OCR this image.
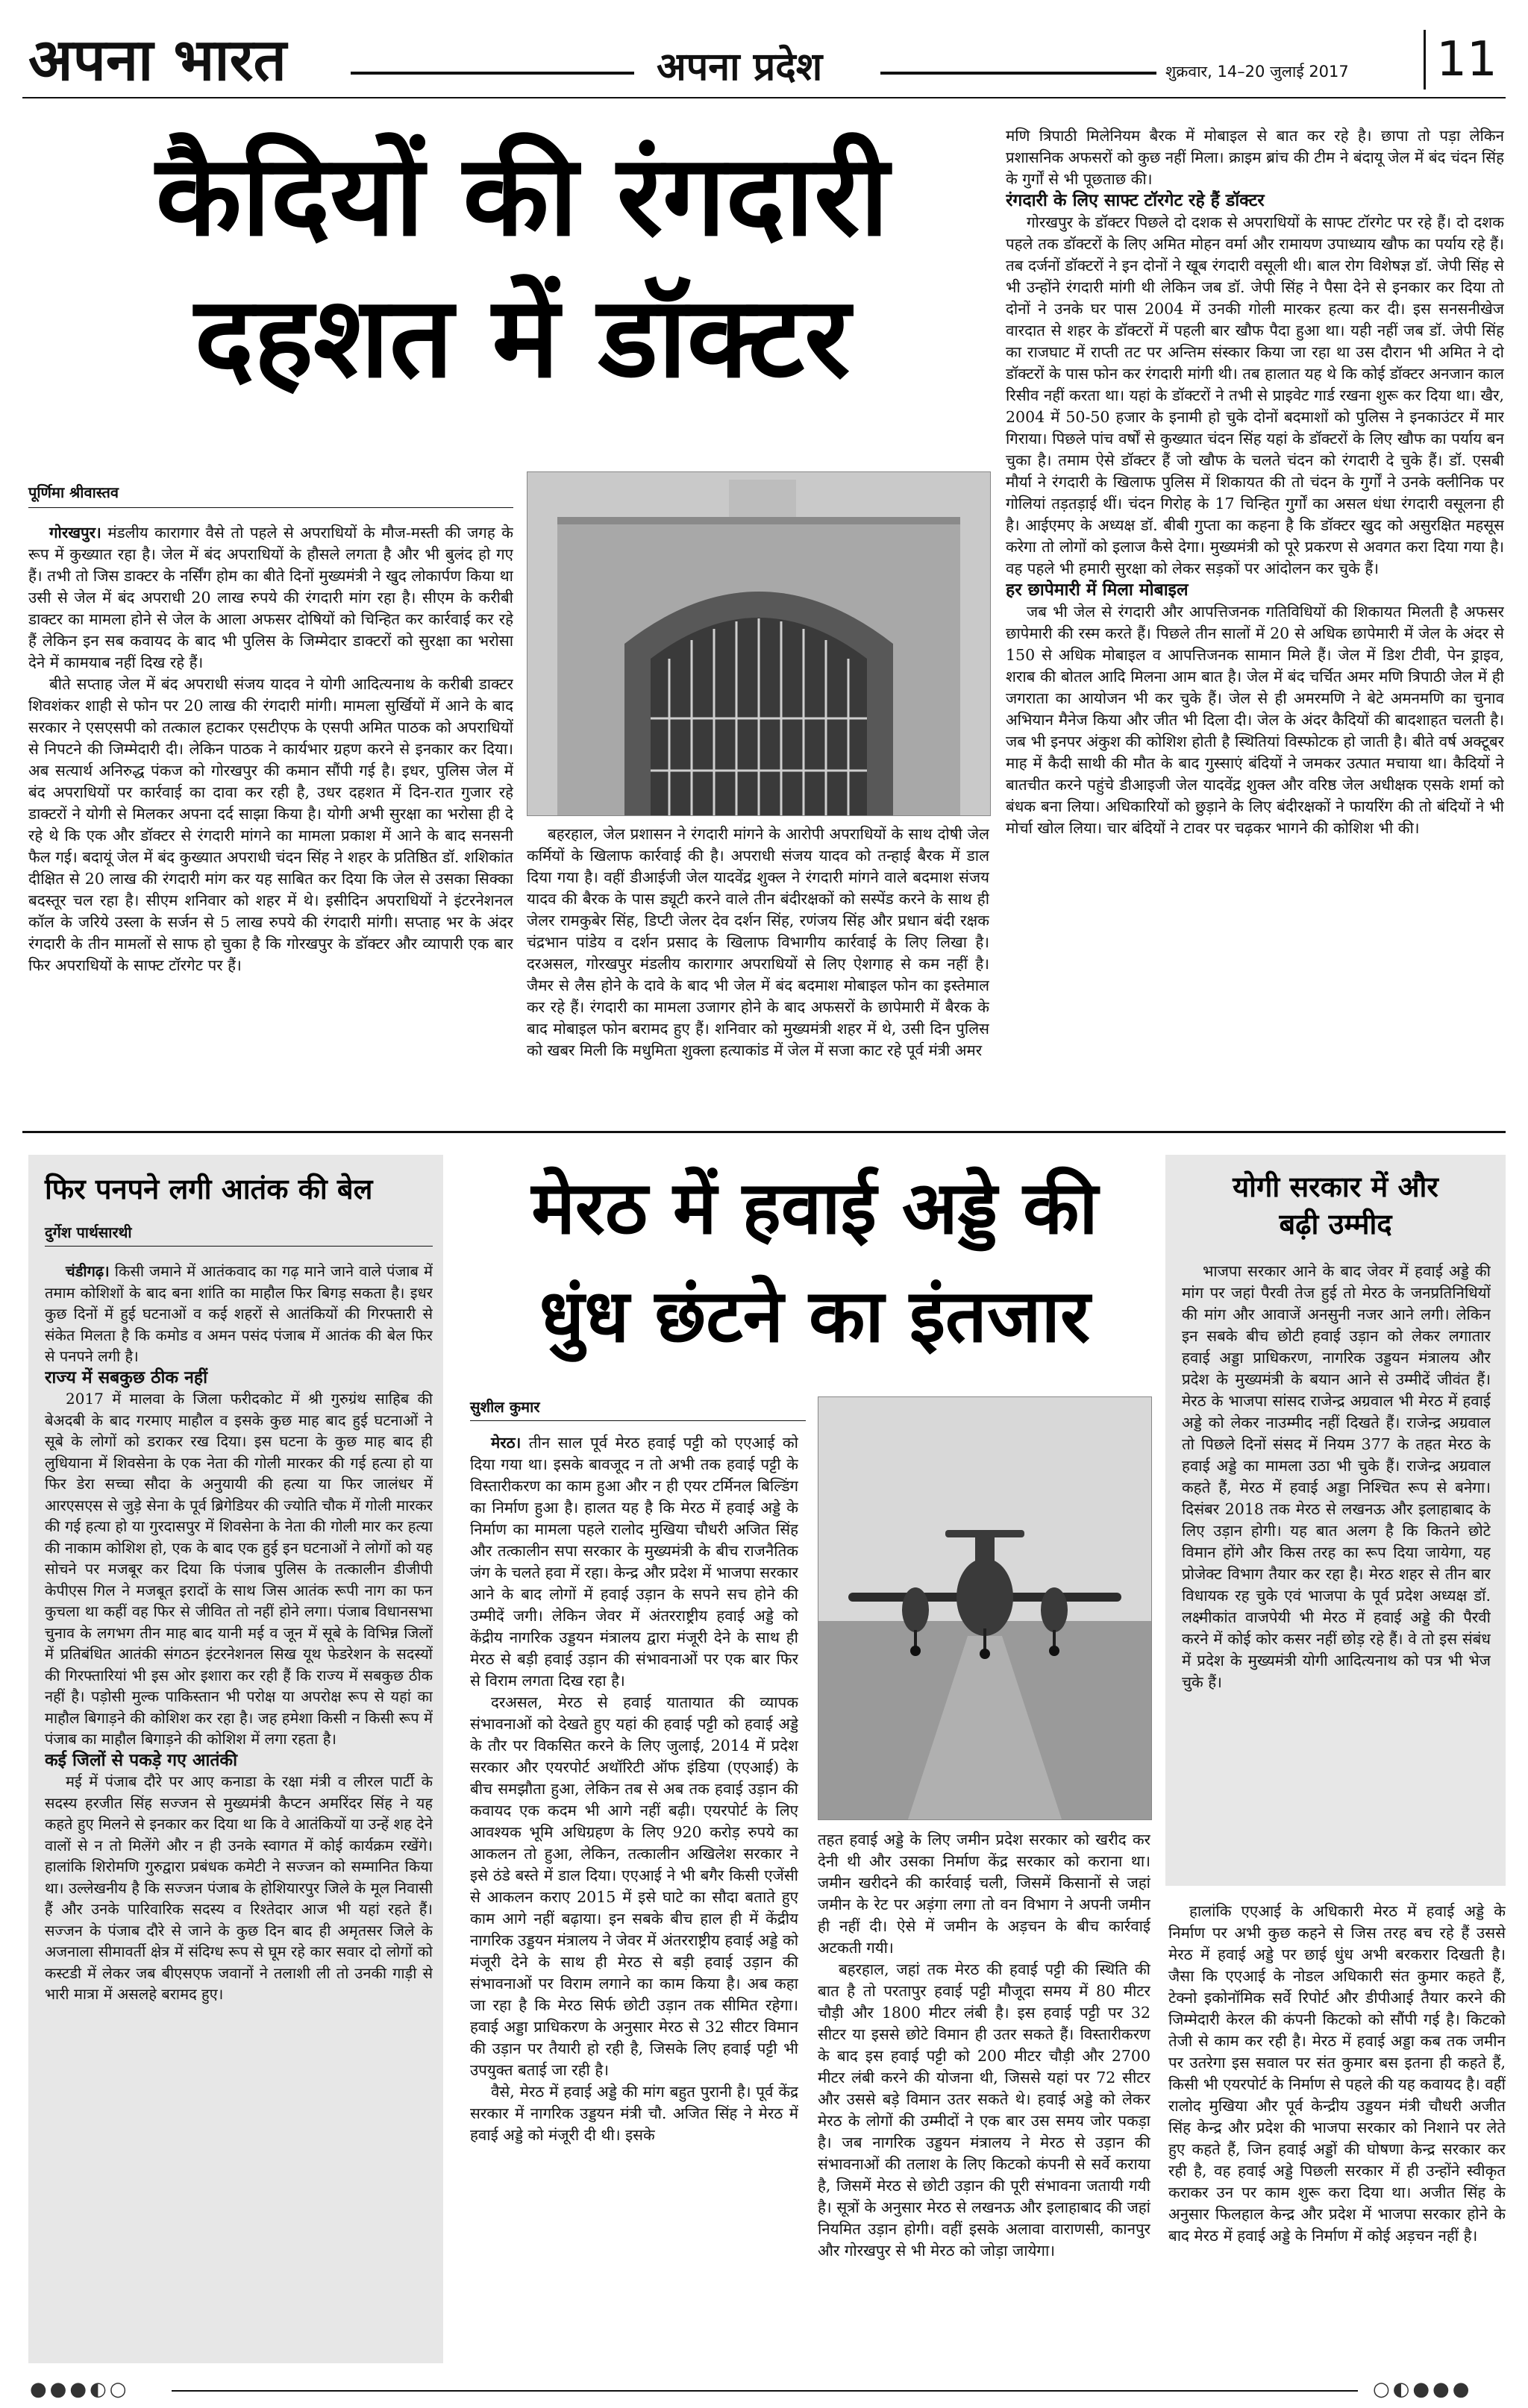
अपना भारत	अपना प्रदेश	शुक्रवार, 14–20 जुलाई 2017 11
कैदियों की रंगदारी
दहशत में डॉक्टर
पूर्णिमा श्रीवास्तव

गोरखपुर। मंडलीय कारागार वैसे तो पहले से अपराधियों के मौज-मस्ती की जगह के रूप में कुख्यात रहा है। जेल में बंद अपराधियों के हौसले लगता है और भी बुलंद हो गए हैं। तभी तो जिस डाक्टर के नर्सिंग होम का बीते दिनों मुख्यमंत्री ने खुद लोकार्पण किया था उसी से जेल में बंद अपराधी 20 लाख रुपये की रंगदारी मांग रहा है। सीएम के करीबी डाक्टर का मामला होने से जेल के आला अफसर दोषियों को चिन्हित कर कार्रवाई कर रहे हैं लेकिन इन सब कवायद के बाद भी पुलिस के जिम्मेदार डाक्टरों को सुरक्षा का भरोसा देने में कामयाब नहीं दिख रहे हैं।

बीते सप्ताह जेल में बंद अपराधी संजय यादव ने योगी आदित्यनाथ के करीबी डाक्टर शिवशंकर शाही से फोन पर 20 लाख की रंगदारी मांगी। मामला सुर्खियों में आने के बाद सरकार ने एसएसपी को तत्काल हटाकर एसटीएफ के एसपी अमित पाठक को अपराधियों से निपटने की जिम्मेदारी दी। लेकिन पाठक ने कार्यभार ग्रहण करने से इनकार कर दिया। अब सत्यार्थ अनिरुद्ध पंकज को गोरखपुर की कमान सौंपी गई है। इधर, पुलिस जेल में बंद अपराधियों पर कार्रवाई का दावा कर रही है, उधर दहशत में दिन-रात गुजार रहे डाक्टरों ने योगी से मिलकर अपना दर्द साझा किया है। योगी अभी सुरक्षा का भरोसा ही दे रहे थे कि एक और डॉक्टर से रंगदारी मांगने का मामला प्रकाश में आने के बाद सनसनी फैल गई। बदायूं जेल में बंद कुख्यात अपराधी चंदन सिंह ने शहर के प्रतिष्ठित डॉ. शशिकांत दीक्षित से 20 लाख की रंगदारी मांग कर यह साबित कर दिया कि जेल से उसका सिक्का बदस्तूर चल रहा है। सीएम शनिवार को शहर में थे। इसीदिन अपराधियों ने इंटरनेशनल कॉल के जरिये उस्ला के सर्जन से 5 लाख रुपये की रंगदारी मांगी। सप्ताह भर के अंदर रंगदारी के तीन मामलों से साफ हो चुका है कि गोरखपुर के डॉक्टर और व्यापारी एक बार फिर अपराधियों के साफ्ट टॉरगेट पर हैं।

बहरहाल, जेल प्रशासन ने रंगदारी मांगने के आरोपी अपराधियों के साथ दोषी जेल कर्मियों के खिलाफ कार्रवाई की है। अपराधी संजय यादव को तन्हाई बैरक में डाल दिया गया है। वहीं डीआईजी जेल यादवेंद्र शुक्ल ने रंगदारी मांगने वाले बदमाश संजय यादव की बैरक के पास ड्यूटी करने वाले तीन बंदीरक्षकों को सस्पेंड करने के साथ ही जेलर रामकुबेर सिंह, डिप्टी जेलर देव दर्शन सिंह, रणंजय सिंह और प्रधान बंदी रक्षक चंद्रभान पांडेय व दर्शन प्रसाद के खिलाफ विभागीय कार्रवाई के लिए लिखा है। दरअसल, गोरखपुर मंडलीय कारागार अपराधियों से लिए ऐशगाह से कम नहीं है। जैमर से लैस होने के दावे के बाद भी जेल में बंद बदमाश मोबाइल फोन का इस्तेमाल कर रहे हैं। रंगदारी का मामला उजागर होने के बाद अफसरों के छापेमारी में बैरक के बाद मोबाइल फोन बरामद हुए हैं। शनिवार को मुख्यमंत्री शहर में थे, उसी दिन पुलिस को खबर मिली कि मधुमिता शुक्ला हत्याकांड में जेल में सजा काट रहे पूर्व मंत्री अमर

मणि त्रिपाठी मिलेनियम बैरक में मोबाइल से बात कर रहे है। छापा तो पड़ा लेकिन प्रशासनिक अफसरों को कुछ नहीं मिला। क्राइम ब्रांच की टीम ने बंदायू जेल में बंद चंदन सिंह के गुर्गों से भी पूछताछ की।

रंगदारी के लिए साफ्ट टॉरगेट रहे हैं डॉक्टर

गोरखपुर के डॉक्टर पिछले दो दशक से अपराधियों के साफ्ट टॉरगेट पर रहे हैं। दो दशक पहले तक डॉक्टरों के लिए अमित मोहन वर्मा और रामायण उपाध्याय खौफ का पर्याय रहे हैं। तब दर्जनों डॉक्टरों ने इन दोनों ने खूब रंगदारी वसूली थी। बाल रोग विशेषज्ञ डॉ. जेपी सिंह से भी उन्होंने रंगदारी मांगी थी लेकिन जब डॉ. जेपी सिंह ने पैसा देने से इनकार कर दिया तो दोनों ने उनके घर पास 2004 में उनकी गोली मारकर हत्या कर दी। इस सनसनीखेज वारदात से शहर के डॉक्टरों में पहली बार खौफ पैदा हुआ था। यही नहीं जब डॉ. जेपी सिंह का राजघाट में राप्ती तट पर अन्तिम संस्कार किया जा रहा था उस दौरान भी अमित ने दो डॉक्टरों के पास फोन कर रंगदारी मांगी थी। तब हालात यह थे कि कोई डॉक्टर अनजान काल रिसीव नहीं करता था। यहां के डॉक्टरों ने तभी से प्राइवेट गार्ड रखना शुरू कर दिया था। खैर, 2004 में 50-50 हजार के इनामी हो चुके दोनों बदमाशों को पुलिस ने इनकाउंटर में मार गिराया। पिछले पांच वर्षों से कुख्यात चंदन सिंह यहां के डॉक्टरों के लिए खौफ का पर्याय बन चुका है। तमाम ऐसे डॉक्टर हैं जो खौफ के चलते चंदन को रंगदारी दे चुके हैं। डॉ. एसबी मौर्या ने रंगदारी के खिलाफ पुलिस में शिकायत की तो चंदन के गुर्गों ने उनके क्लीनिक पर गोलियां तड़तड़ाई थीं। चंदन गिरोह के 17 चिन्हित गुर्गों का असल धंधा रंगदारी वसूलना ही है। आईएमए के अध्यक्ष डॉ. बीबी गुप्ता का कहना है कि डॉक्टर खुद को असुरक्षित महसूस करेगा तो लोगों को इलाज कैसे देगा। मुख्यमंत्री को पूरे प्रकरण से अवगत करा दिया गया है। वह पहले भी हमारी सुरक्षा को लेकर सड़कों पर आंदोलन कर चुके हैं।

हर छापेमारी में मिला मोबाइल

जब भी जेल से रंगदारी और आपत्तिजनक गतिविधियों की शिकायत मिलती है अफसर छापेमारी की रस्म करते हैं। पिछले तीन सालों में 20 से अधिक छापेमारी में जेल के अंदर से 150 से अधिक मोबाइल व आपत्तिजनक सामान मिले हैं। जेल में डिश टीवी, पेन ड्राइव, शराब की बोतल आदि मिलना आम बात है। जेल में बंद चर्चित अमर मणि त्रिपाठी जेल में ही जगराता का आयोजन भी कर चुके हैं। जेल से ही अमरमणि ने बेटे अमनमणि का चुनाव अभियान मैनेज किया और जीत भी दिला दी। जेल के अंदर कैदियों की बादशाहत चलती है। जब भी इनपर अंकुश की कोशिश होती है स्थितियां विस्फोटक हो जाती है। बीते वर्ष अक्टूबर माह में कैदी साथी की मौत के बाद गुस्साएं बंदियों ने जमकर उत्पात मचाया था। कैदियों ने बातचीत करने पहुंचे डीआइजी जेल यादवेंद्र शुक्ल और वरिष्ठ जेल अधीक्षक एसके शर्मा को बंधक बना लिया। अधिकारियों को छुड़ाने के लिए बंदीरक्षकों ने फायरिंग की तो बंदियों ने भी मोर्चा खोल लिया। चार बंदियों ने टावर पर चढ़कर भागने की कोशिश भी की।

फिर पनपने लगी आतंक की बेल
दुर्गेश पार्थसारथी

चंडीगढ़। किसी जमाने में आतंकवाद का गढ़ माने जाने वाले पंजाब में तमाम कोशिशों के बाद बना शांति का माहौल फिर बिगड़ सकता है। इधर कुछ दिनों में हुई घटनाओं व कई शहरों से आतंकियों की गिरफ्तारी से संकेत मिलता है कि कमोड व अमन पसंद पंजाब में आतंक की बेल फिर से पनपने लगी है।

राज्य में सबकुछ ठीक नहीं

2017 में मालवा के जिला फरीदकोट में श्री गुरुग्रंथ साहिब की बेअदबी के बाद गरमाए माहौल व इसके कुछ माह बाद हुई घटनाओं ने सूबे के लोगों को डराकर रख दिया। इस घटना के कुछ माह बाद ही लुधियाना में शिवसेना के एक नेता की गोली मारकर की गई हत्या हो या फिर डेरा सच्चा सौदा के अनुयायी की हत्या या फिर जालंधर में आरएसएस से जुड़े सेना के पूर्व ब्रिगेडियर की ज्योति चौक में गोली मारकर की गई हत्या हो या गुरदासपुर में शिवसेना के नेता की गोली मार कर हत्या की नाकाम कोशिश हो, एक के बाद एक हुई इन घटनाओं ने लोगों को यह सोचने पर मजबूर कर दिया कि पंजाब पुलिस के तत्कालीन डीजीपी केपीएस गिल ने मजबूत इरादों के साथ जिस आतंक रूपी नाग का फन कुचला था कहीं वह फिर से जीवित तो नहीं होने लगा। पंजाब विधानसभा चुनाव के लगभग तीन माह बाद यानी मई व जून में सूबे के विभिन्न जिलों में प्रतिबंधित आतंकी संगठन इंटरनेशनल सिख यूथ फेडरेशन के सदस्यों की गिरफ्तारियां भी इस ओर इशारा कर रही हैं कि राज्य में सबकुछ ठीक नहीं है। पड़ोसी मुल्क पाकिस्तान भी परोक्ष या अपरोक्ष रूप से यहां का माहौल बिगाड़ने की कोशिश कर रहा है। जह हमेशा किसी न किसी रूप में पंजाब का माहौल बिगाड़ने की कोशिश में लगा रहता है।

कई जिलों से पकड़े गए आतंकी

मई में पंजाब दौरे पर आए कनाडा के रक्षा मंत्री व लीरल पार्टी के सदस्य हरजीत सिंह सज्जन से मुख्यमंत्री कैप्टन अमरिंदर सिंह ने यह कहते हुए मिलने से इनकार कर दिया था कि वे आतंकियों या उन्हें शह देने वालों से न तो मिलेंगे और न ही उनके स्वागत में कोई कार्यक्रम रखेंगे। हालांकि शिरोमणि गुरुद्वारा प्रबंधक कमेटी ने सज्जन को सम्मानित किया था। उल्लेखनीय है कि सज्जन पंजाब के होशियारपुर जिले के मूल निवासी हैं और उनके पारिवारिक सदस्य व रिश्तेदार आज भी यहां रहते हैं। सज्जन के पंजाब दौरे से जाने के कुछ दिन बाद ही अमृतसर जिले के अजनाला सीमावर्ती क्षेत्र में संदिग्ध रूप से घूम रहे कार सवार दो लोगों को कस्टडी में लेकर जब बीएसएफ जवानों ने तलाशी ली तो उनकी गाड़ी से भारी मात्रा में असलहे बरामद हुए।

मेरठ में हवाई अड्डे की
धुंध छंटने का इंतजार
सुशील कुमार

मेरठ। तीन साल पूर्व मेरठ हवाई पट्टी को एएआई को दिया गया था। इसके बावजूद न तो अभी तक हवाई पट्टी के विस्तारीकरण का काम हुआ और न ही एयर टर्मिनल बिल्डिंग का निर्माण हुआ है। हालत यह है कि मेरठ में हवाई अड्डे के निर्माण का मामला पहले रालोद मुखिया चौधरी अजित सिंह और तत्कालीन सपा सरकार के मुख्यमंत्री के बीच राजनैतिक जंग के चलते हवा में रहा। केन्द्र और प्रदेश में भाजपा सरकार आने के बाद लोगों में हवाई उड़ान के सपने सच होने की उम्मीदें जगी। लेकिन जेवर में अंतरराष्ट्रीय हवाई अड्डे को केंद्रीय नागरिक उड्डयन मंत्रालय द्वारा मंजूरी देने के साथ ही मेरठ से बड़ी हवाई उड़ान की संभावनाओं पर एक बार फिर से विराम लगता दिख रहा है।

दरअसल, मेरठ से हवाई यातायात की व्यापक संभावनाओं को देखते हुए यहां की हवाई पट्टी को हवाई अड्डे के तौर पर विकसित करने के लिए जुलाई, 2014 में प्रदेश सरकार और एयरपोर्ट अथॉरिटी ऑफ इंडिया (एएआई) के बीच समझौता हुआ, लेकिन तब से अब तक हवाई उड़ान की कवायद एक कदम भी आगे नहीं बढ़ी। एयरपोर्ट के लिए आवश्यक भूमि अधिग्रहण के लिए 920 करोड़ रुपये का आकलन तो हुआ, लेकिन, तत्कालीन अखिलेश सरकार ने इसे ठंडे बस्ते में डाल दिया। एएआई ने भी बगैर किसी एजेंसी से आकलन कराए 2015 में इसे घाटे का सौदा बताते हुए काम आगे नहीं बढ़ाया। इन सबके बीच हाल ही में केंद्रीय नागरिक उड्डयन मंत्रालय ने जेवर में अंतरराष्ट्रीय हवाई अड्डे को मंजूरी देने के साथ ही मेरठ से बड़ी हवाई उड़ान की संभावनाओं पर विराम लगाने का काम किया है। अब कहा जा रहा है कि मेरठ सिर्फ छोटी उड़ान तक सीमित रहेगा। हवाई अड्डा प्राधिकरण के अनुसार मेरठ से 32 सीटर विमान की उड़ान पर तैयारी हो रही है, जिसके लिए हवाई पट्टी भी उपयुक्त बताई जा रही है।

वैसे, मेरठ में हवाई अड्डे की मांग बहुत पुरानी है। पूर्व केंद्र सरकार में नागरिक उड्डयन मंत्री चौ. अजित सिंह ने मेरठ में हवाई अड्डे को मंजूरी दी थी। इसके

तहत हवाई अड्डे के लिए जमीन प्रदेश सरकार को खरीद कर देनी थी और उसका निर्माण केंद्र सरकार को कराना था। जमीन खरीदने की कार्रवाई चली, जिसमें किसानों से जहां जमीन के रेट पर अड़ंगा लगा तो वन विभाग ने अपनी जमीन ही नहीं दी। ऐसे में जमीन के अड़चन के बीच कार्रवाई अटकती गयी।

बहरहाल, जहां तक मेरठ की हवाई पट्टी की स्थिति की बात है तो परतापुर हवाई पट्टी मौजूदा समय में 80 मीटर चौड़ी और 1800 मीटर लंबी है। इस हवाई पट्टी पर 32 सीटर या इससे छोटे विमान ही उतर सकते हैं। विस्तारीकरण के बाद इस हवाई पट्टी को 200 मीटर चौड़ी और 2700 मीटर लंबी करने की योजना थी, जिससे यहां पर 72 सीटर और उससे बड़े विमान उतर सकते थे। हवाई अड्डे को लेकर मेरठ के लोगों की उम्मीदों ने एक बार उस समय जोर पकड़ा है। जब नागरिक उड्डयन मंत्रालय ने मेरठ से उड़ान की संभावनाओं की तलाश के लिए किटको कंपनी से सर्वे कराया है, जिसमें मेरठ से छोटी उड़ान की पूरी संभावना जतायी गयी है। सूत्रों के अनुसार मेरठ से लखनऊ और इलाहाबाद की जहां नियमित उड़ान होगी। वहीं इसके अलावा वाराणसी, कानपुर और गोरखपुर से भी मेरठ को जोड़ा जायेगा।

योगी सरकार में और
बढ़ी उम्मीद

भाजपा सरकार आने के बाद जेवर में हवाई अड्डे की मांग पर जहां पैरवी तेज हुई तो मेरठ के जनप्रतिनिधियों की मांग और आवाजें अनसुनी नजर आने लगी। लेकिन इन सबके बीच छोटी हवाई उड़ान को लेकर लगातार हवाई अड्डा प्राधिकरण, नागरिक उड्डयन मंत्रालय और प्रदेश के मुख्यमंत्री के बयान आने से उम्मीदें जीवंत हैं। मेरठ के भाजपा सांसद राजेन्द्र अग्रवाल भी मेरठ में हवाई अड्डे को लेकर नाउम्मीद नहीं दिखते हैं। राजेन्द्र अग्रवाल तो पिछले दिनों संसद में नियम 377 के तहत मेरठ के हवाई अड्डे का मामला उठा भी चुके हैं। राजेन्द्र अग्रवाल कहते हैं, मेरठ में हवाई अड्डा निश्चित रूप से बनेगा। दिसंबर 2018 तक मेरठ से लखनऊ और इलाहाबाद के लिए उड़ान होगी। यह बात अलग है कि कितने छोटे विमान होंगे और किस तरह का रूप दिया जायेगा, यह प्रोजेक्ट विभाग तैयार कर रहा है। मेरठ शहर से तीन बार विधायक रह चुके एवं भाजपा के पूर्व प्रदेश अध्यक्ष डॉ. लक्ष्मीकांत वाजपेयी भी मेरठ में हवाई अड्डे की पैरवी करने में कोई कोर कसर नहीं छोड़ रहे हैं। वे तो इस संबंध में प्रदेश के मुख्यमंत्री योगी आदित्यनाथ को पत्र भी भेज चुके हैं।

हालांकि एएआई के अधिकारी मेरठ में हवाई अड्डे के निर्माण पर अभी कुछ कहने से जिस तरह बच रहे हैं उससे मेरठ में हवाई अड्डे पर छाई धुंध अभी बरकरार दिखती है। जैसा कि एएआई के नोडल अधिकारी संत कुमार कहते हैं, टेक्नो इकोनॉमिक सर्वे रिपोर्ट और डीपीआई तैयार करने की जिम्मेदारी केरल की कंपनी किटको को सौंपी गई है। किटको तेजी से काम कर रही है। मेरठ में हवाई अड्डा कब तक जमीन पर उतरेगा इस सवाल पर संत कुमार बस इतना ही कहते हैं, किसी भी एयरपोर्ट के निर्माण से पहले की यह कवायद है। वहीं रालोद मुखिया और पूर्व केन्द्रीय उड्डयन मंत्री चौधरी अजीत सिंह केन्द्र और प्रदेश की भाजपा सरकार को निशाने पर लेते हुए कहते हैं, जिन हवाई अड्डों की घोषणा केन्द्र सरकार कर रही है, वह हवाई अड्डे पिछली सरकार में ही उन्होंने स्वीकृत कराकर उन पर काम शुरू करा दिया था। अजीत सिंह के अनुसार फिलहाल केन्द्र और प्रदेश में भाजपा सरकार होने के बाद मेरठ में हवाई अड्डे के निर्माण में कोई अड़चन नहीं है।

●●●◐○	○◐●●●
